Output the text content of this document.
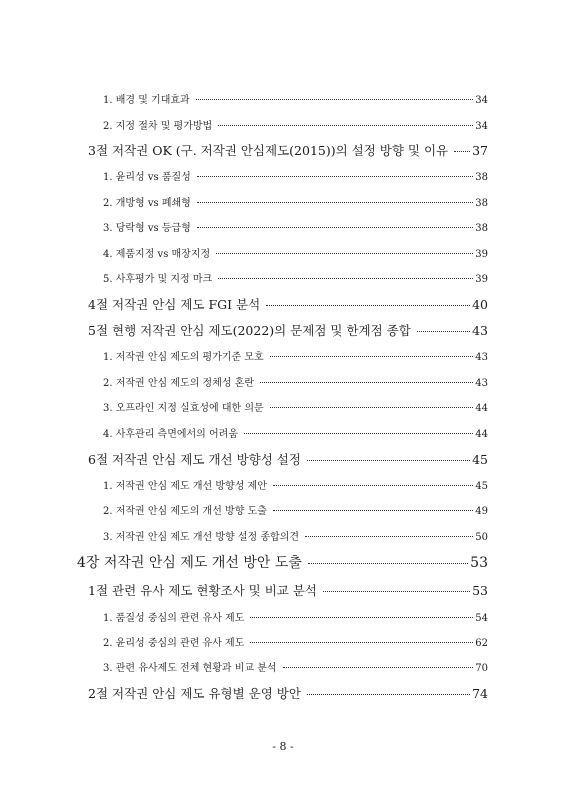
1. 배경 및 기대효과	34
2. 지정 절차 및 평가방법	34
3절 저작권 OK (구. 저작권 안심제도(2015))의 설정 방향 및 이유 37
1. 윤리성 vs 품질성	38
2. 개방형 vs 폐쇄형	38
3. 당락형 vs 등급형	38
4. 제품지정 vs 매장지정	39
5. 사후평가 및 지정 마크	39
4절 저작권 안심 제도 FGI 분석	40
5절 현행 저작권 안심 제도(2022)의 문제점 및 한계점 종합	43
1. 저작권 안심 제도의 평가기준 모호	43
2. 저작권 안심 제도의 정체성 혼란	43
3. 오프라인 지정 실효성에 대한 의문	44
4. 사후관리 측면에서의 어려움	44
6절 저작권 안심 제도 개선 방향성 설정	45
1. 저작권 안심 제도 개선 방향성 제안	45
2. 저작권 안심 제도의 개선 방향 도출	49
3. 저작권 안심 제도 개선 방향 설정 종합의견	50
4장 저작권 안심 제도 개선 방안 도출	53
1절 관련 유사 제도 현황조사 및 비교 분석	53
1. 품질성 중심의 관련 유사 제도	54
2. 윤리성 중심의 관련 유사 제도	62
3. 관련 유사제도 전체 현황과 비교 분석	70
2절 저작권 안심 제도 유형별 운영 방안	74
- 8 -
